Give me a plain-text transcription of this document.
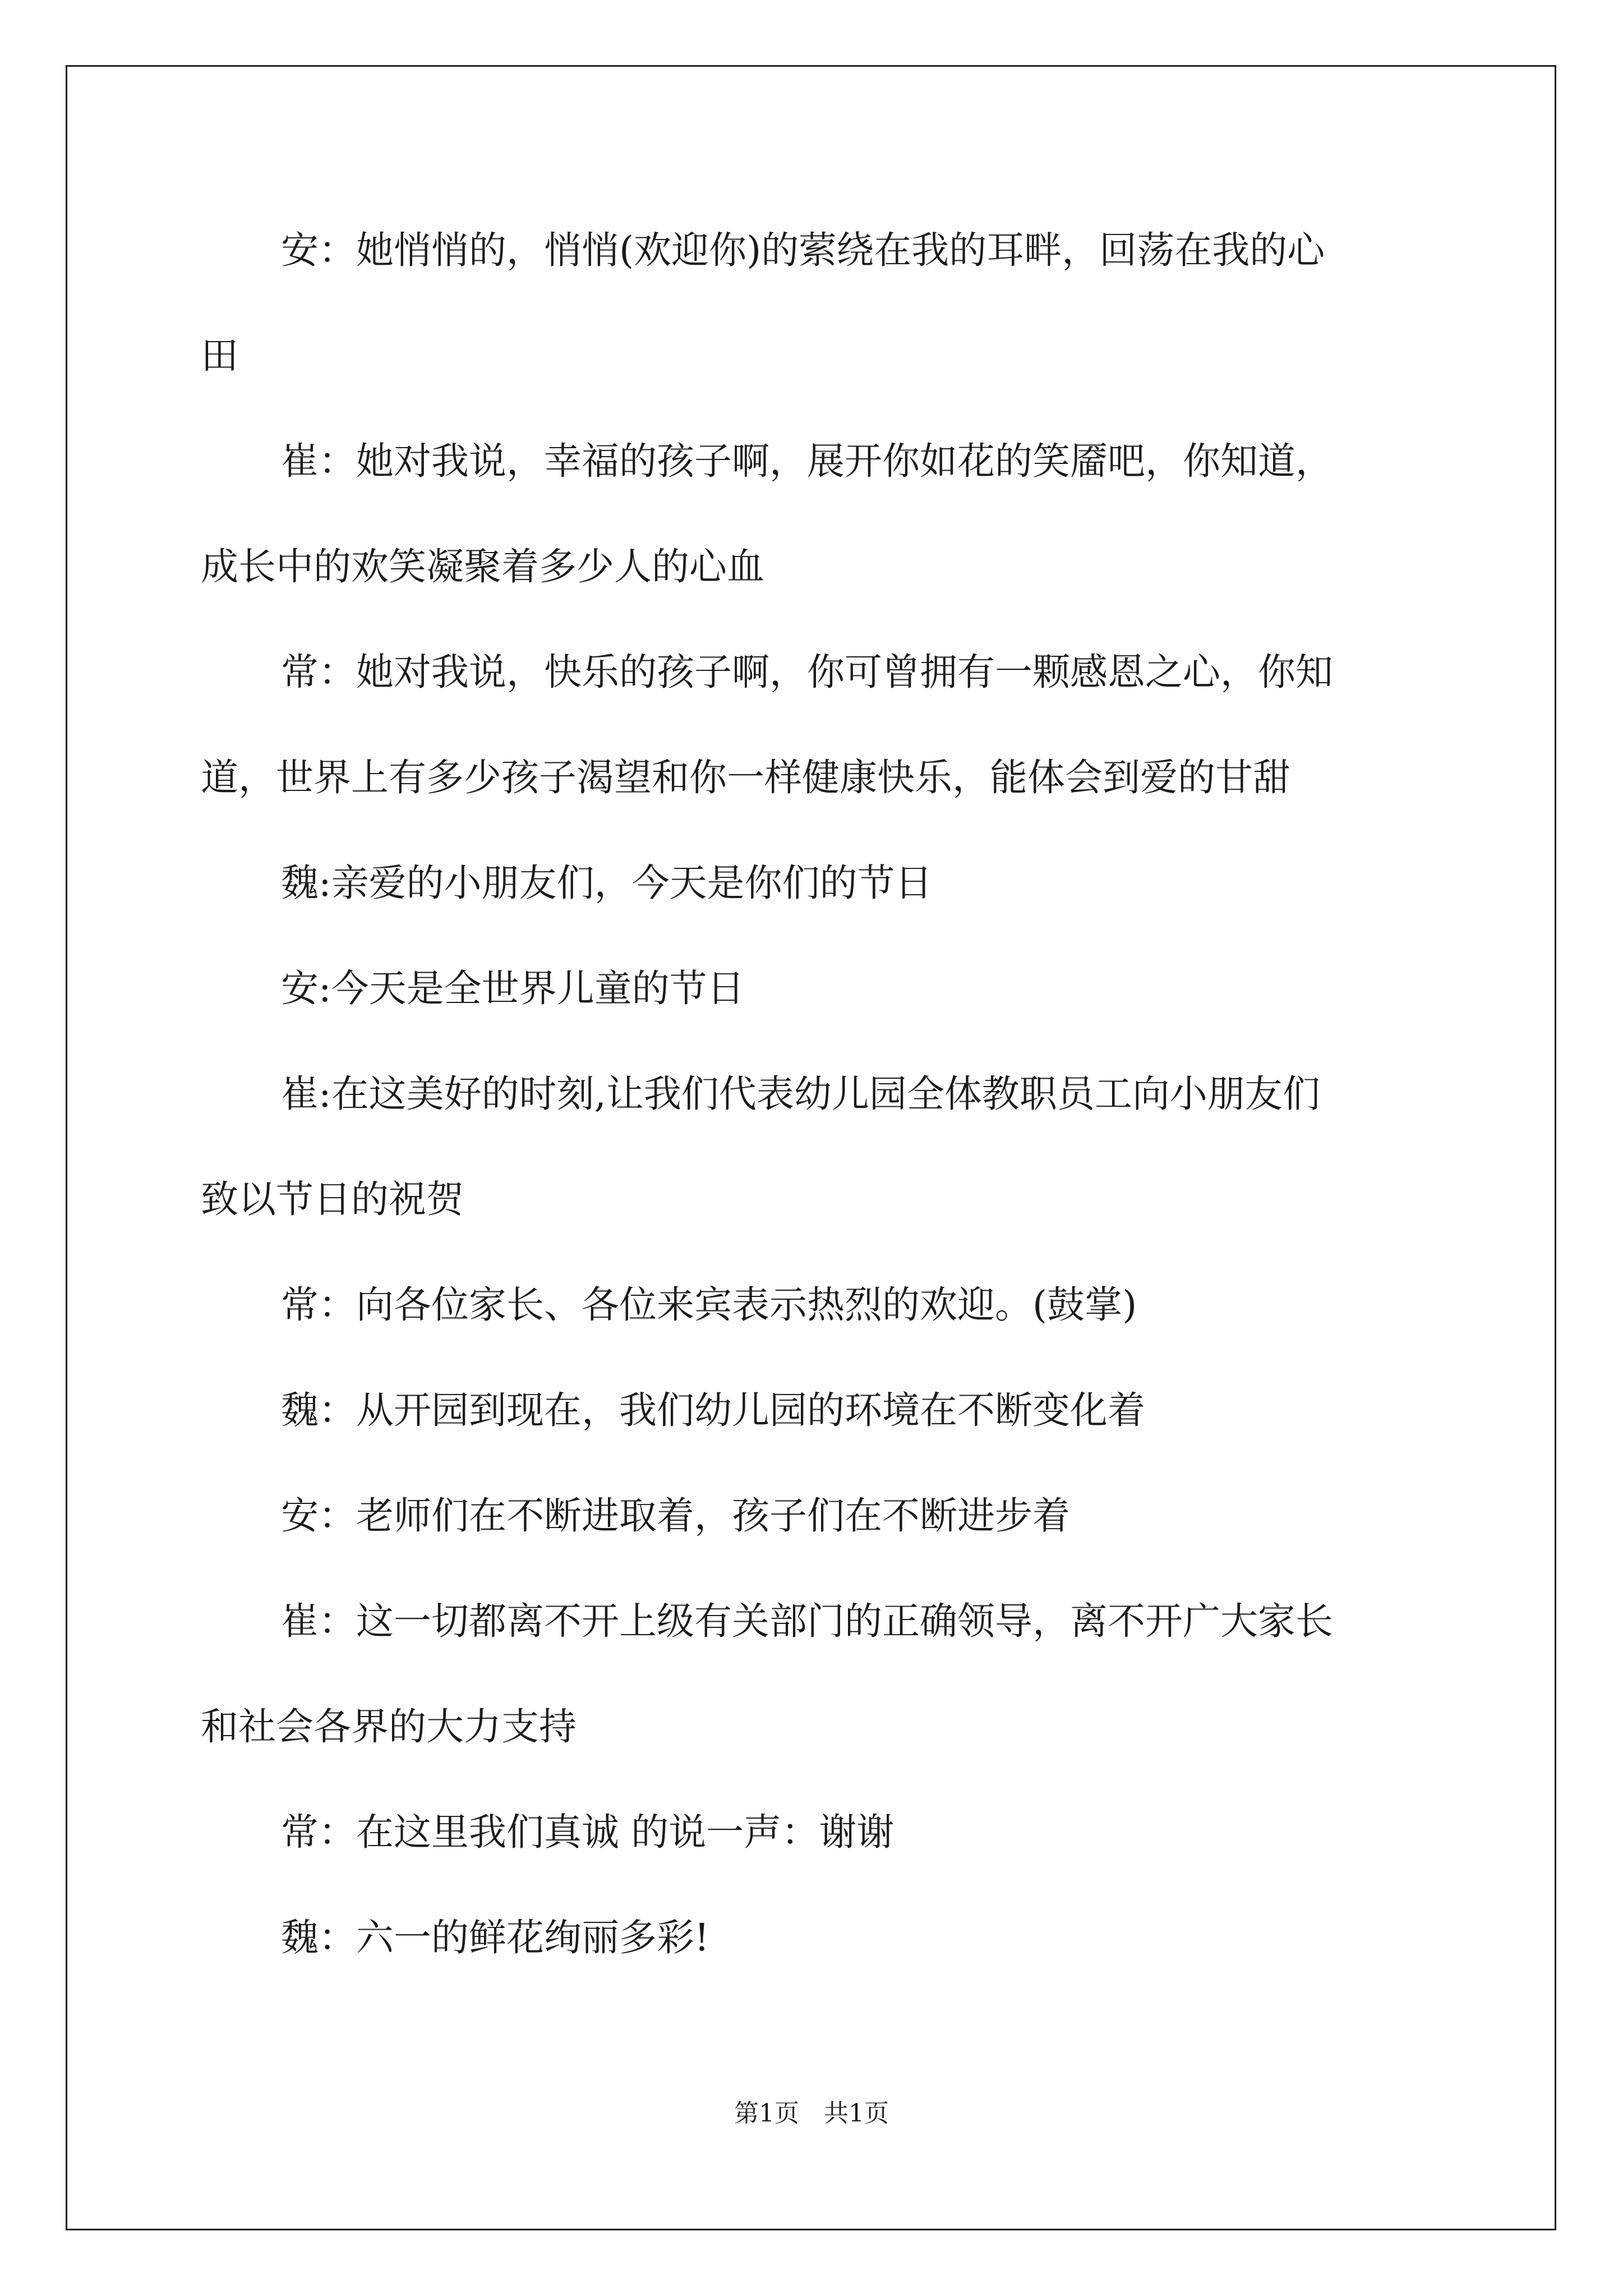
安：她悄悄的，悄悄(欢迎你)的萦绕在我的耳畔，回荡在我的心
田
崔：她对我说，幸福的孩子啊，展开你如花的笑靥吧，你知道，
成长中的欢笑凝聚着多少人的心血
常：她对我说，快乐的孩子啊，你可曾拥有一颗感恩之心，你知
道，世界上有多少孩子渴望和你一样健康快乐，能体会到爱的甘甜
魏:亲爱的小朋友们，今天是你们的节日
安:今天是全世界儿童的节日
崔:在这美好的时刻,让我们代表幼儿园全体教职员工向小朋友们
致以节日的祝贺
常：向各位家长、各位来宾表示热烈的欢迎。(鼓掌)
魏：从开园到现在，我们幼儿园的环境在不断变化着
安：老师们在不断进取着，孩子们在不断进步着
崔：这一切都离不开上级有关部门的正确领导，离不开广大家长
和社会各界的大力支持
常：在这里我们真诚 的说一声：谢谢
魏：六一的鲜花绚丽多彩!
第1页　共1页
